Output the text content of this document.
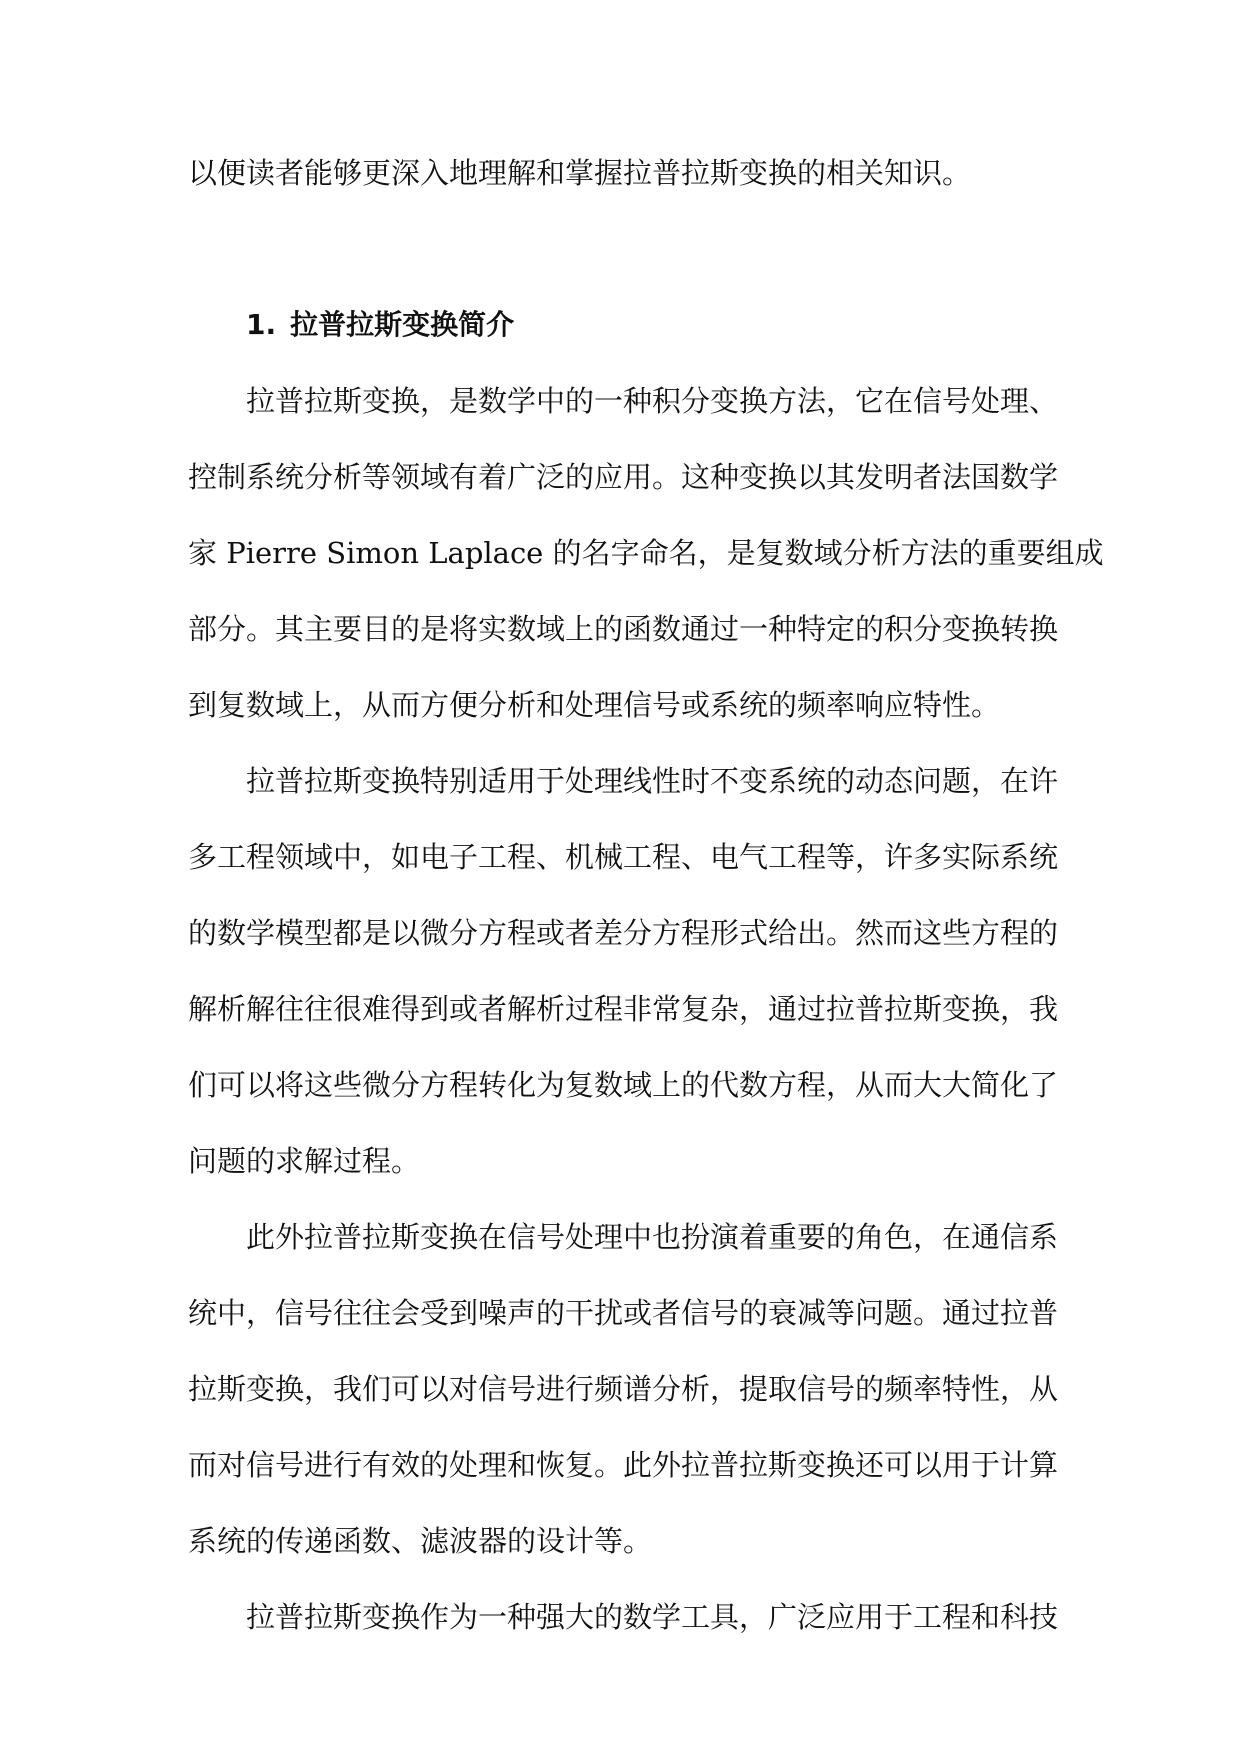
以便读者能够更深入地理解和掌握拉普拉斯变换的相关知识。
1. 拉普拉斯变换简介
拉普拉斯变换，是数学中的一种积分变换方法，它在信号处理、
控制系统分析等领域有着广泛的应用。这种变换以其发明者法国数学
家 Pierre Simon Laplace 的名字命名，是复数域分析方法的重要组成
部分。其主要目的是将实数域上的函数通过一种特定的积分变换转换
到复数域上，从而方便分析和处理信号或系统的频率响应特性。
拉普拉斯变换特别适用于处理线性时不变系统的动态问题，在许
多工程领域中，如电子工程、机械工程、电气工程等，许多实际系统
的数学模型都是以微分方程或者差分方程形式给出。然而这些方程的
解析解往往很难得到或者解析过程非常复杂，通过拉普拉斯变换，我
们可以将这些微分方程转化为复数域上的代数方程，从而大大简化了
问题的求解过程。
此外拉普拉斯变换在信号处理中也扮演着重要的角色，在通信系
统中，信号往往会受到噪声的干扰或者信号的衰减等问题。通过拉普
拉斯变换，我们可以对信号进行频谱分析，提取信号的频率特性，从
而对信号进行有效的处理和恢复。此外拉普拉斯变换还可以用于计算
系统的传递函数、滤波器的设计等。
拉普拉斯变换作为一种强大的数学工具，广泛应用于工程和科技
